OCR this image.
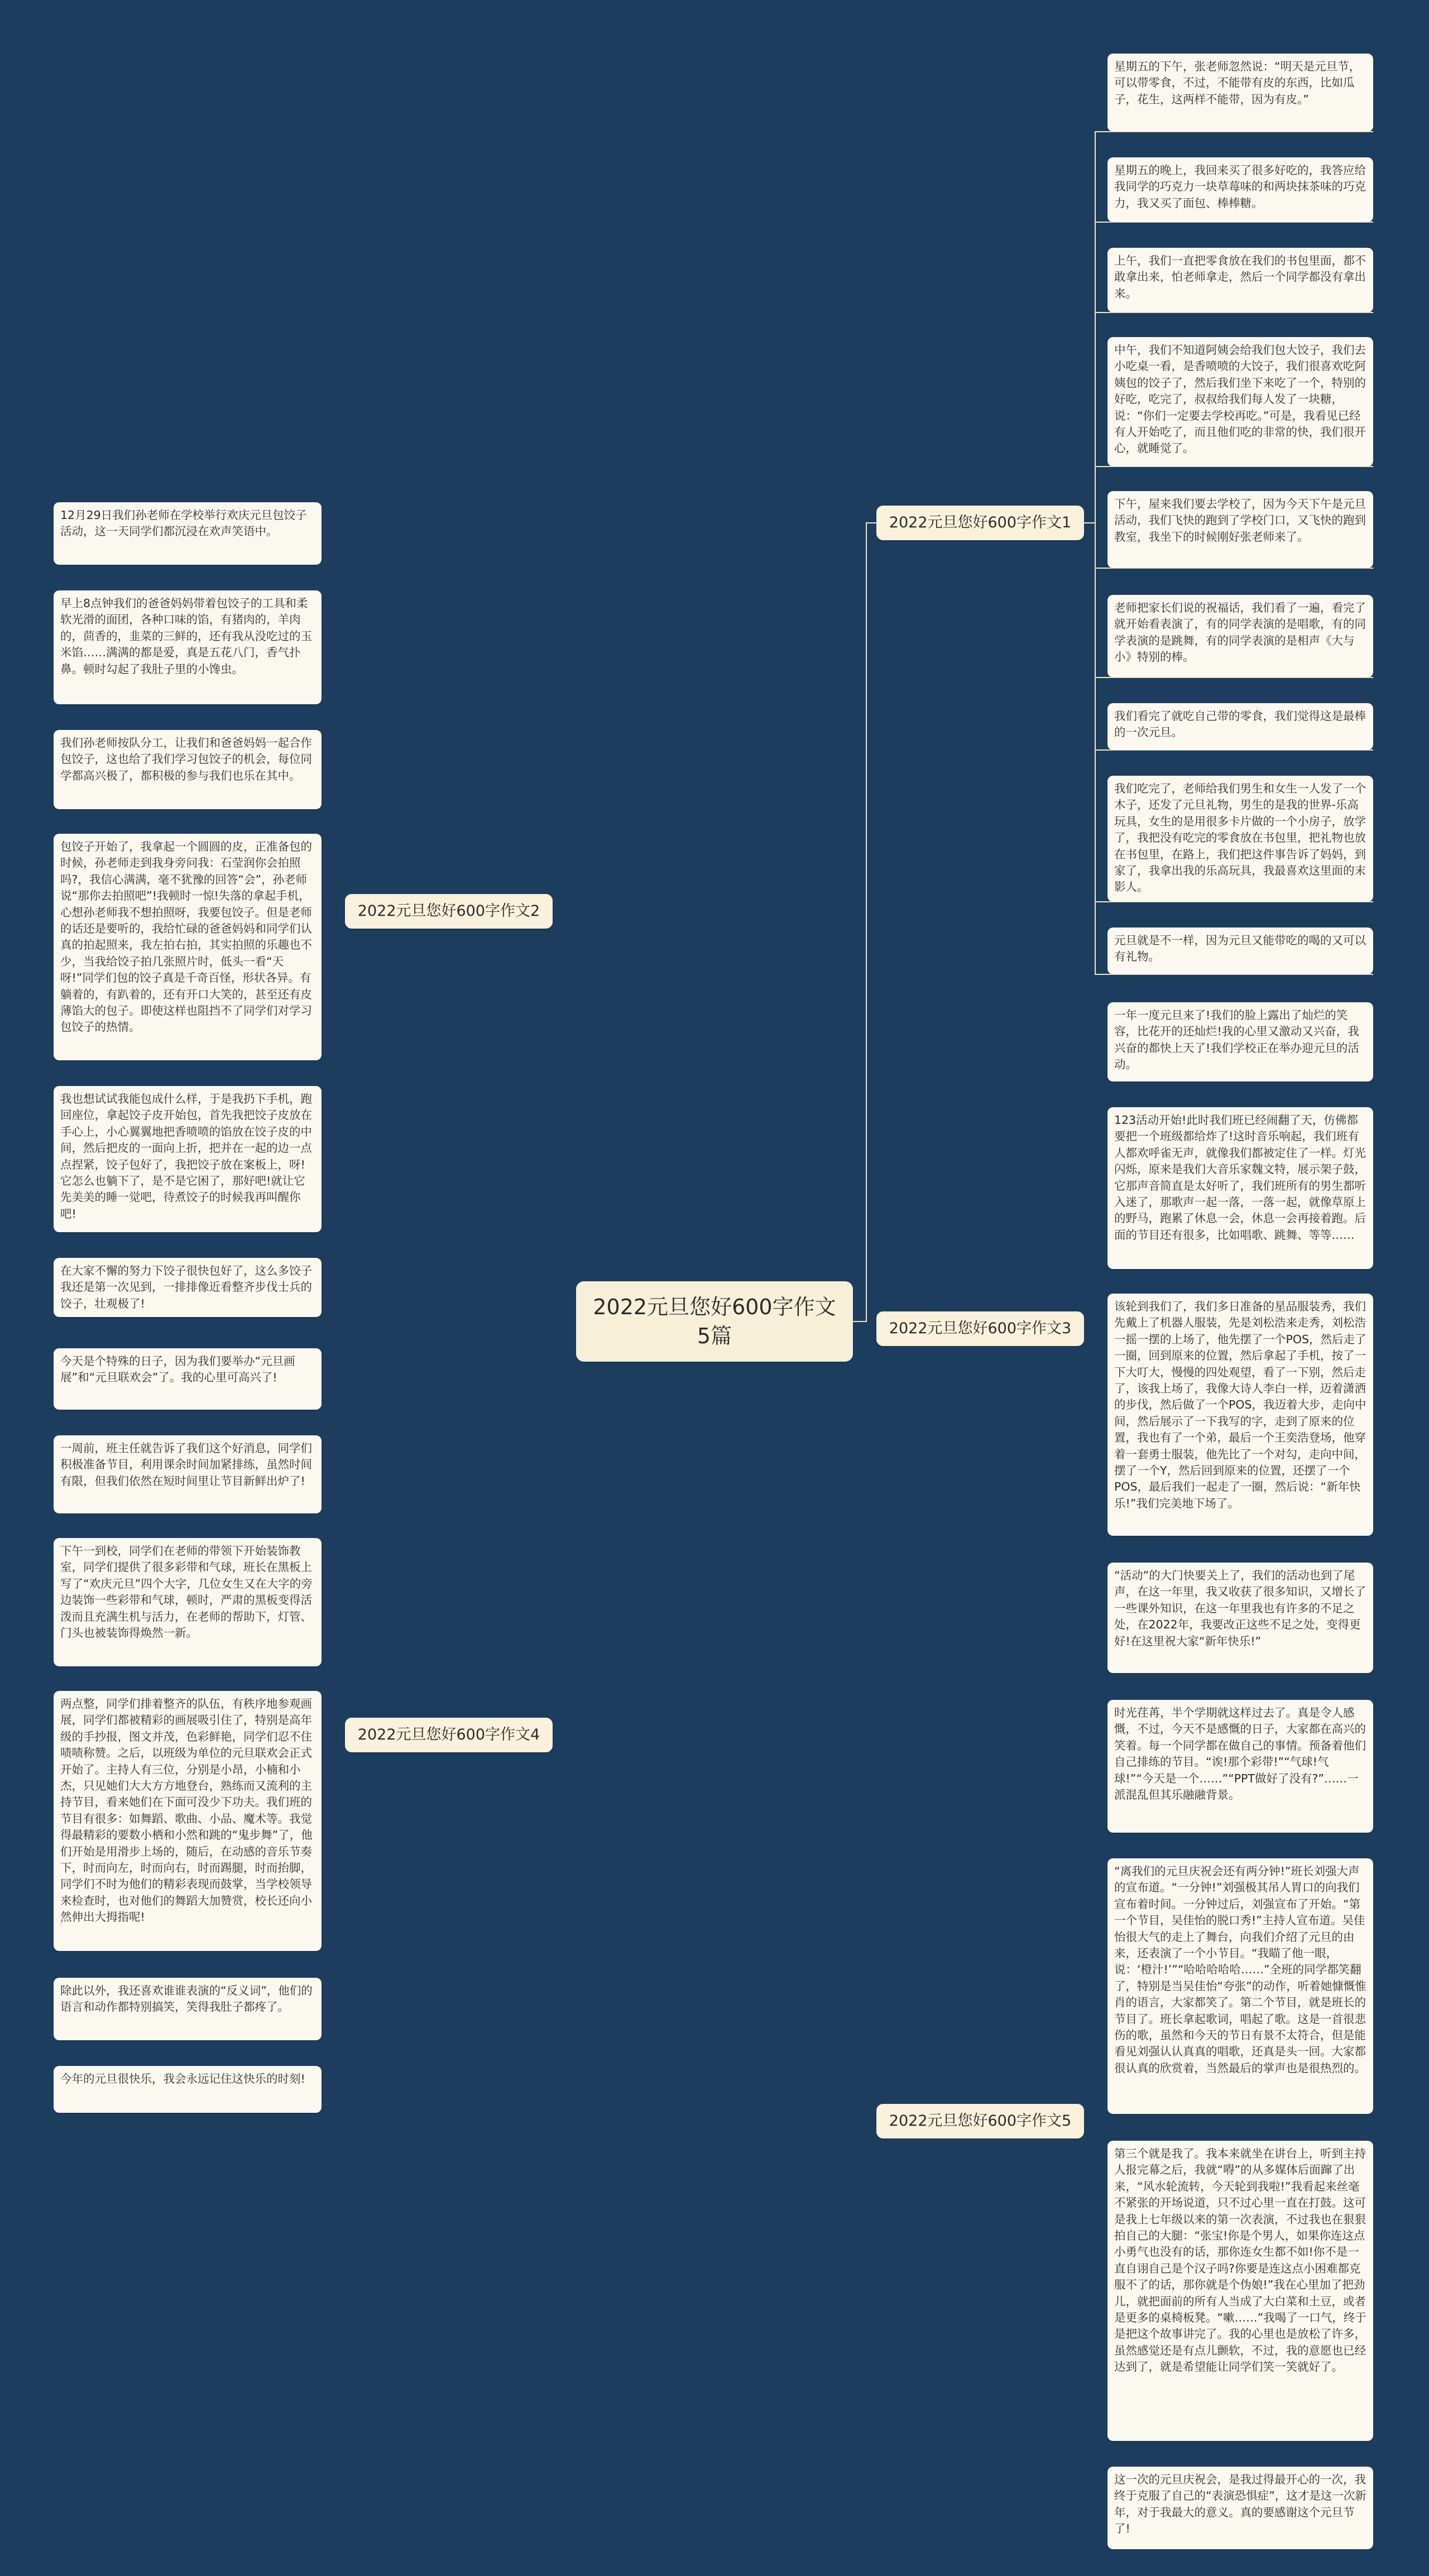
2022元旦您好600字作文5篇
2022元旦您好600字作文1
星期五的下午，张老师忽然说：“明天是元旦节，可以带零食，不过，不能带有皮的东西，比如瓜子，花生，这两样不能带，因为有皮。”
星期五的晚上，我回来买了很多好吃的，我答应给我同学的巧克力一块草莓味的和两块抹茶味的巧克力，我又买了面包、棒棒糖。
上午，我们一直把零食放在我们的书包里面，都不敢拿出来，怕老师拿走，然后一个同学都没有拿出来。
中午，我们不知道阿姨会给我们包大饺子，我们去小吃桌一看，是香喷喷的大饺子，我们很喜欢吃阿姨包的饺子了，然后我们坐下来吃了一个，特别的好吃，吃完了，叔叔给我们每人发了一块糖，说：“你们一定要去学校再吃。”可是，我看见已经有人开始吃了，而且他们吃的非常的快，我们很开心，就睡觉了。
下午，屋来我们要去学校了，因为今天下午是元旦活动，我们飞快的跑到了学校门口，又飞快的跑到教室，我坐下的时候刚好张老师来了。
老师把家长们说的祝福话，我们看了一遍，看完了就开始看表演了，有的同学表演的是唱歌，有的同学表演的是跳舞，有的同学表演的是相声《大与小》特别的棒。
我们看完了就吃自己带的零食，我们觉得这是最棒的一次元旦。
我们吃完了，老师给我们男生和女生一人发了一个木子，还发了元旦礼物，男生的是我的世界-乐高玩具，女生的是用很多卡片做的一个小房子，放学了，我把没有吃完的零食放在书包里，把礼物也放在书包里，在路上，我们把这件事告诉了妈妈，到家了，我拿出我的乐高玩具，我最喜欢这里面的末影人。
元旦就是不一样，因为元旦又能带吃的喝的又可以有礼物。
2022元旦您好600字作文2
12月29日我们孙老师在学校举行欢庆元旦包饺子活动，这一天同学们都沉浸在欢声笑语中。
早上8点钟我们的爸爸妈妈带着包饺子的工具和柔软光滑的面团，各种口味的馅，有猪肉的，羊肉的，茴香的，韭菜的三鲜的，还有我从没吃过的玉米馅……满满的都是爱，真是五花八门，香气扑鼻。顿时勾起了我肚子里的小馋虫。
我们孙老师按队分工，让我们和爸爸妈妈一起合作包饺子，这也给了我们学习包饺子的机会，每位同学都高兴极了，都积极的参与我们也乐在其中。
包饺子开始了，我拿起一个圆圆的皮，正准备包的时候，孙老师走到我身旁问我：石莹润你会拍照吗?，我信心满满，毫不犹豫的回答“会”，孙老师说“那你去拍照吧”!我顿时一惊!失落的拿起手机，心想孙老师我不想拍照呀，我要包饺子。但是老师的话还是要听的，我给忙碌的爸爸妈妈和同学们认真的拍起照来，我左拍右拍，其实拍照的乐趣也不少，当我给饺子拍几张照片时，低头一看“天呀!”同学们包的饺子真是千奇百怪，形状各异。有躺着的，有趴着的，还有开口大笑的，甚至还有皮薄馅大的包子。即使这样也阻挡不了同学们对学习包饺子的热情。
我也想试试我能包成什么样，于是我扔下手机，跑回座位，拿起饺子皮开始包，首先我把饺子皮放在手心上，小心翼翼地把香喷喷的馅放在饺子皮的中间，然后把皮的一面向上折，把并在一起的边一点点捏紧，饺子包好了，我把饺子放在案板上，呀!它怎么也躺下了，是不是它困了，那好吧!就让它先美美的睡一觉吧，待煮饺子的时候我再叫醒你吧!
在大家不懈的努力下饺子很快包好了，这么多饺子我还是第一次见到，一排排像近看整齐步伐士兵的饺子，壮观极了!
2022元旦您好600字作文3
一年一度元旦来了!我们的脸上露出了灿烂的笑容，比花开的还灿烂!我的心里又激动又兴奋，我兴奋的都快上天了!我们学校正在举办迎元旦的活动。
123活动开始!此时我们班已经闹翻了天，仿佛都要把一个班级都给炸了!这时音乐响起，我们班有人都欢呼雀无声，就像我们都被定住了一样。灯光闪烁，原来是我们大音乐家魏文特，展示架子鼓，它那声音简直是太好听了，我们班所有的男生都听入迷了，那歌声一起一落，一落一起，就像草原上的野马，跑累了休息一会，休息一会再接着跑。后面的节目还有很多，比如唱歌、跳舞、等等……
该轮到我们了，我们多日准备的星品服装秀，我们先戴上了机器人服装，先是刘松浩来走秀，刘松浩一摇一摆的上场了，他先摆了一个POS，然后走了一圈，回到原来的位置，然后拿起了手机，按了一下大叮大，慢慢的四处观望，看了一下别，然后走了，该我上场了，我像大诗人李白一样，迈着潇洒的步伐，然后做了一个POS，我迈着大步，走向中间，然后展示了一下我写的字，走到了原来的位置，我也有了一个弟，最后一个王奕浩登场，他穿着一套勇士服装，他先比了一个对勾，走向中间，摆了一个Y，然后回到原来的位置，还摆了一个POS，最后我们一起走了一圈，然后说：“新年快乐!”我们完美地下场了。
“活动”的大门快要关上了，我们的活动也到了尾声，在这一年里，我又收获了很多知识，又增长了一些课外知识，在这一年里我也有许多的不足之处，在2022年，我要改正这些不足之处，变得更好!在这里祝大家“新年快乐!”
2022元旦您好600字作文4
今天是个特殊的日子，因为我们要举办“元旦画展”和“元旦联欢会”了。我的心里可高兴了!
一周前，班主任就告诉了我们这个好消息，同学们积极准备节目，利用课余时间加紧排练，虽然时间有限，但我们依然在短时间里让节目新鲜出炉了!
下午一到校，同学们在老师的带领下开始装饰教室，同学们提供了很多彩带和气球，班长在黑板上写了“欢庆元旦”四个大字，几位女生又在大字的旁边装饰一些彩带和气球，顿时，严肃的黑板变得活泼而且充满生机与活力，在老师的帮助下，灯管、门头也被装饰得焕然一新。
两点整，同学们排着整齐的队伍，有秩序地参观画展，同学们都被精彩的画展吸引住了，特别是高年级的手抄报，图文并茂，色彩鲜艳，同学们忍不住啧啧称赞。之后，以班级为单位的元旦联欢会正式开始了。主持人有三位，分别是小昂，小楠和小杰，只见她们大大方方地登台，熟练而又流利的主持节目，看来她们在下面可没少下功夫。我们班的节目有很多：如舞蹈、歌曲、小品、魔术等。我觉得最精彩的要数小栖和小然和跳的“鬼步舞”了，他们开始是用滑步上场的，随后，在动感的音乐节奏下，时而向左，时而向右，时而踢腿，时而抬脚，同学们不时为他们的精彩表现而鼓掌，当学校领导来检查时，也对他们的舞蹈大加赞赏，校长还向小然伸出大拇指呢!
除此以外，我还喜欢谁谁表演的“反义词”，他们的语言和动作都特别搞笑，笑得我肚子都疼了。
今年的元旦很快乐，我会永远记住这快乐的时刻!
2022元旦您好600字作文5
时光荏苒，半个学期就这样过去了。真是令人感慨，不过，今天不是感慨的日子，大家都在高兴的笑着。每一个同学都在做自己的事情。预备着他们自己排练的节目。“诶!那个彩带!”“气球!气球!”“今天是一个……”“PPT做好了没有?”……一派混乱但其乐融融背景。
“离我们的元旦庆祝会还有两分钟!”班长刘强大声的宣布道。“一分钟!”刘强极其吊人胃口的向我们宣布着时间。一分钟过后，刘强宣布了开始。“第一个节目，吴佳怡的脱口秀!”主持人宣布道。吴佳怡很大气的走上了舞台，向我们介绍了元旦的由来，还表演了一个小节目。“我瞄了他一眼，说：‘橙汁!’”“哈哈哈哈哈……”全班的同学都笑翻了，特别是当吴佳怡“夸张”的动作，听着她慷慨惟肖的语言，大家都笑了。第二个节目，就是班长的节目了。班长拿起歌词，唱起了歌。这是一首很悲伤的歌，虽然和今天的节日有景不太符合，但是能看见刘强认认真真的唱歌，还真是头一回。大家都很认真的欣赏着，当然最后的掌声也是很热烈的。
第三个就是我了。我本来就坐在讲台上，听到主持人报完幕之后，我就“嘚”的从多媒体后面蹿了出来，“风水轮流转，今天轮到我啦!”我看起来丝毫不紧张的开场说道，只不过心里一直在打鼓。这可是我上七年级以来的第一次表演，不过我也在狠狠拍自己的大腿：“张宝!你是个男人，如果你连这点小勇气也没有的话，那你连女生都不如!你不是一直自诩自己是个汉子吗?你要是连这点小困难都克服不了的话，那你就是个伪娘!”我在心里加了把劲儿，就把面前的所有人当成了大白菜和土豆，或者是更多的桌椅板凳。“嗽……”我喝了一口气，终于是把这个故事讲完了。我的心里也是放松了许多，虽然感觉还是有点儿颤软，不过，我的意愿也已经达到了，就是希望能让同学们笑一笑就好了。
这一次的元旦庆祝会，是我过得最开心的一次，我终于克服了自己的“表演恐惧症”，这才是这一次新年，对于我最大的意义。真的要感谢这个元旦节了!
